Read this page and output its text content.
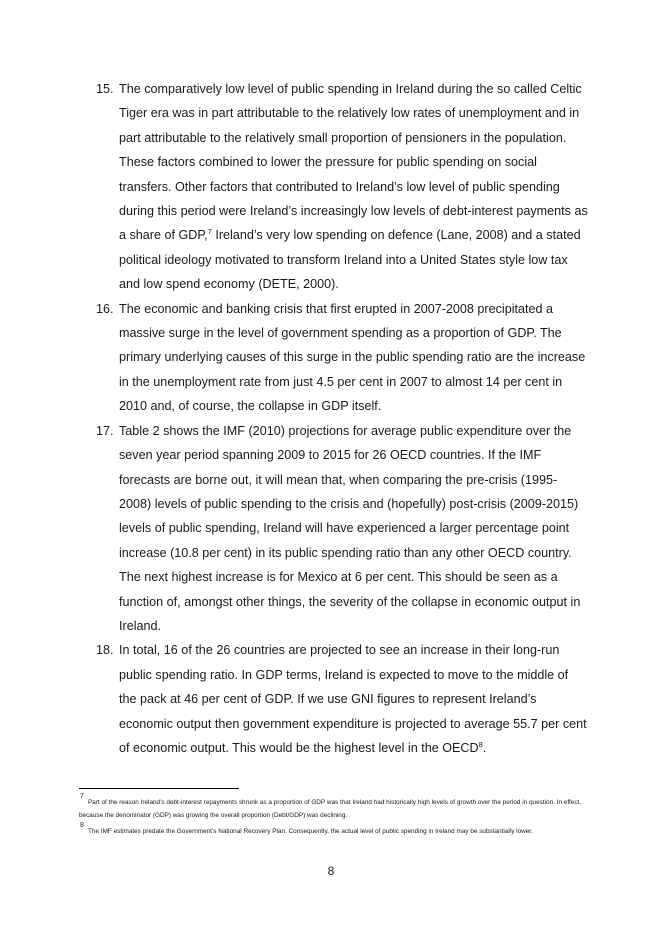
15. The comparatively low level of public spending in Ireland during the so called Celtic Tiger era was in part attributable to the relatively low rates of unemployment and in part attributable to the relatively small proportion of pensioners in the population. These factors combined to lower the pressure for public spending on social transfers. Other factors that contributed to Ireland’s low level of public spending during this period were Ireland’s increasingly low levels of debt-interest payments as a share of GDP,$^7$ Ireland’s very low spending on defence (Lane, 2008) and a stated political ideology motivated to transform Ireland into a United States style low tax and low spend economy (DETE, 2000).

16. The economic and banking crisis that first erupted in 2007-2008 precipitated a massive surge in the level of government spending as a proportion of GDP. The primary underlying causes of this surge in the public spending ratio are the increase in the unemployment rate from just 4.5 per cent in 2007 to almost 14 per cent in 2010 and, of course, the collapse in GDP itself.

17. Table 2 shows the IMF (2010) projections for average public expenditure over the seven year period spanning 2009 to 2015 for 26 OECD countries. If the IMF forecasts are borne out, it will mean that, when comparing the pre-crisis (1995-2008) levels of public spending to the crisis and (hopefully) post-crisis (2009-2015) levels of public spending, Ireland will have experienced a larger percentage point increase (10.8 per cent) in its public spending ratio than any other OECD country. The next highest increase is for Mexico at 6 per cent. This should be seen as a function of, amongst other things, the severity of the collapse in economic output in Ireland.

18. In total, 16 of the 26 countries are projected to see an increase in their long-run public spending ratio. In GDP terms, Ireland is expected to move to the middle of the pack at 46 per cent of GDP. If we use GNI figures to represent Ireland’s economic output then government expenditure is projected to average 55.7 per cent of economic output. This would be the highest level in the OECD$^8$.

7

Part of the reason Ireland’s debt-interest repayments shrunk as a proportion of GDP was that Ireland had historically high levels of growth over the period in question. In effect, because the denominator (GDP) was growing the overall proportion (Debt/GDP) was declining.

8

The IMF estimates predate the Government’s National Recovery Plan. Consequently, the actual level of public spending in Ireland may be substantially lower.

8
